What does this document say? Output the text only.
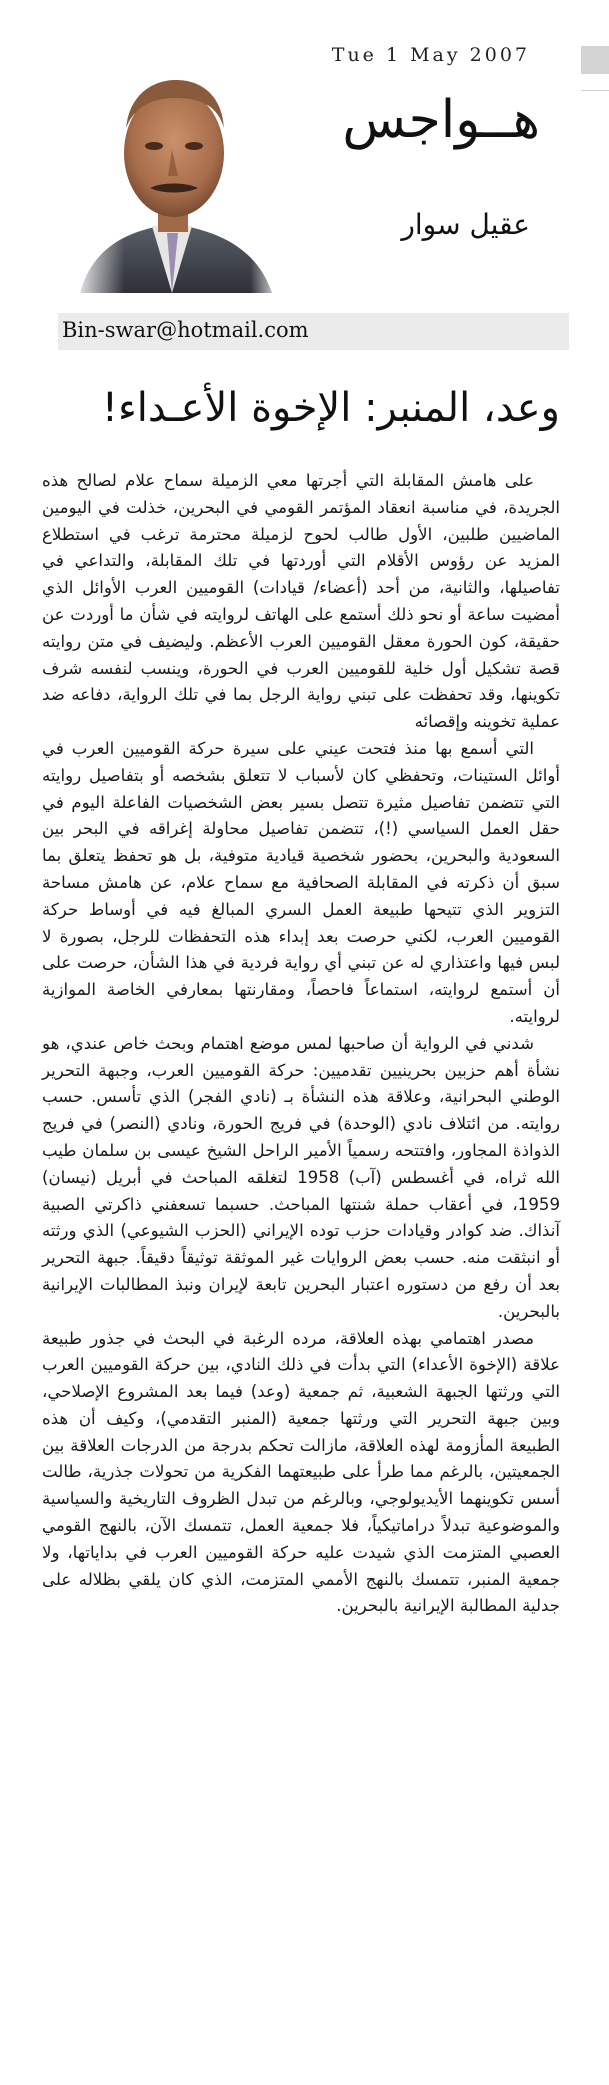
Tue 1 May 2007
هــواجس
عقيل سوار
Bin-swar@hotmail.com
وعد، المنبر: الإخوة الأعـداء!

على هامش المقابلة التي أجرتها معي الزميلة سماح علام لصالح هذه الجريدة، في مناسبة انعقاد المؤتمر القومي في البحرين، خذلت في اليومين الماضيين طلبين، الأول طالب لحوح لزميلة محترمة ترغب في استطلاع المزيد عن رؤوس الأقلام التي أوردتها في تلك المقابلة، والتداعي في تفاصيلها، والثانية، من أحد (أعضاء/ قيادات) القوميين العرب الأوائل الذي أمضيت ساعة أو نحو ذلك أستمع على الهاتف لروايته في شأن ما أوردت عن حقيقة، كون الحورة معقل القوميين العرب الأعظم. وليضيف في متن روايته قصة تشكيل أول خلية للقوميين العرب في الحورة، وينسب لنفسه شرف تكوينها، وقد تحفظت على تبني رواية الرجل بما في تلك الرواية، دفاعه ضد عملية تخوينه وإقصائه

التي أسمع بها منذ فتحت عيني على سيرة حركة القوميين العرب في أوائل الستينات، وتحفظي كان لأسباب لا تتعلق بشخصه أو بتفاصيل روايته التي تتضمن تفاصيل مثيرة تتصل بسير بعض الشخصيات الفاعلة اليوم في حقل العمل السياسي (!)، تتضمن تفاصيل محاولة إغراقه في البحر بين السعودية والبحرين، بحضور شخصية قيادية متوفية، بل هو تحفظ يتعلق بما سبق أن ذكرته في المقابلة الصحافية مع سماح علام، عن هامش مساحة التزوير الذي تتيحها طبيعة العمل السري المبالغ فيه في أوساط حركة القوميين العرب، لكني حرصت بعد إبداء هذه التحفظات للرجل، بصورة لا لبس فيها واعتذاري له عن تبني أي رواية فردية في هذا الشأن، حرصت على أن أستمع لروايته، استماعاً فاحصاً، ومقارنتها بمعارفي الخاصة الموازية لروايته.

شدني في الرواية أن صاحبها لمس موضع اهتمام وبحث خاص عندي، هو نشأة أهم حزبين بحرينيين تقدميين: حركة القوميين العرب، وجبهة التحرير الوطني البحرانية، وعلاقة هذه النشأة بـ (نادي الفجر) الذي تأسس. حسب روايته. من ائتلاف نادي (الوحدة) في فريج الحورة، ونادي (النصر) في فريج الذواذة المجاور، وافتتحه رسمياً الأمير الراحل الشيخ عيسى بن سلمان طيب الله ثراه، في أغسطس (آب) 1958 لتغلقه المباحث في أبريل (نيسان) 1959، في أعقاب حملة شنتها المباحث. حسبما تسعفني ذاكرتي الصبية آنذاك. ضد كوادر وقيادات حزب توده الإيراني (الحزب الشيوعي) الذي ورثته أو انبثقت منه. حسب بعض الروايات غير الموثقة توثيقاً دقيقاً. جبهة التحرير بعد أن رفع من دستوره اعتبار البحرين تابعة لإيران ونبذ المطالبات الإيرانية بالبحرين.

مصدر اهتمامي بهذه العلاقة، مرده الرغبة في البحث في جذور طبيعة علاقة (الإخوة الأعداء) التي بدأت في ذلك النادي، بين حركة القوميين العرب التي ورثتها الجبهة الشعبية، ثم جمعية (وعد) فيما بعد المشروع الإصلاحي، وبين جبهة التحرير التي ورثتها جمعية (المنبر التقدمي)، وكيف أن هذه الطبيعة المأزومة لهذه العلاقة، مازالت تحكم بدرجة من الدرجات العلاقة بين الجمعيتين، بالرغم مما طرأ على طبيعتهما الفكرية من تحولات جذرية، طالت أسس تكوينهما الأيديولوجي، وبالرغم من تبدل الظروف التاريخية والسياسية والموضوعية تبدلاً دراماتيكياً، فلا جمعية العمل، تتمسك الآن، بالنهج القومي العصبي المتزمت الذي شيدت عليه حركة القوميين العرب في بداياتها، ولا جمعية المنبر، تتمسك بالنهج الأممي المتزمت، الذي كان يلقي بظلاله على جدلية المطالبة الإيرانية بالبحرين.
